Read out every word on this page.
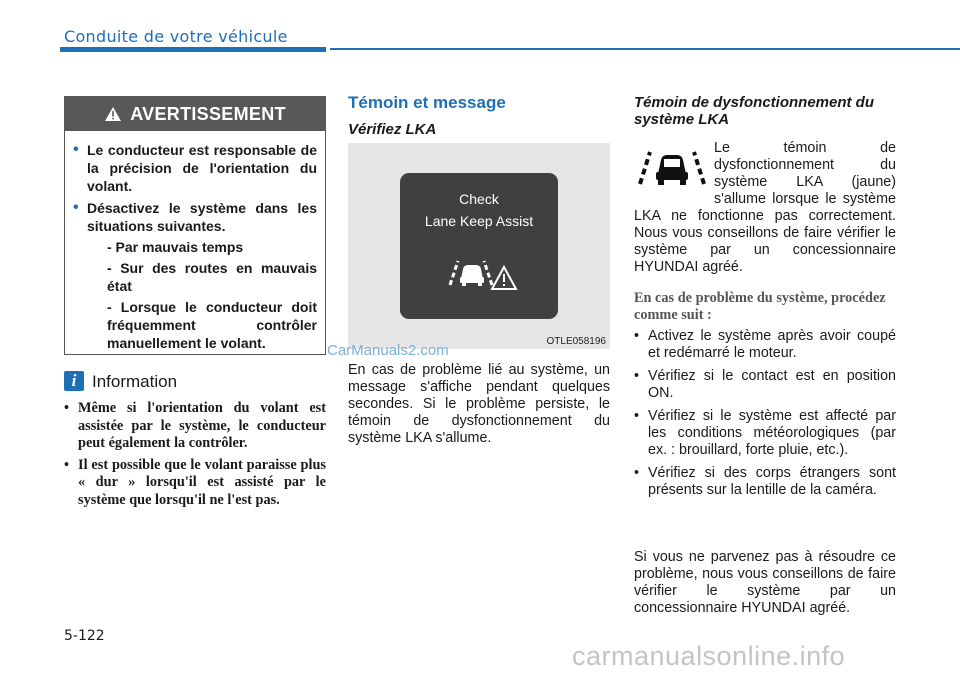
Conduite de votre véhicule
AVERTISSEMENT
• Le conducteur est responsable de la précision de l'orientation du volant.
• Désactivez le système dans les situations suivantes.
- Par mauvais temps
- Sur des routes en mauvais état
- Lorsque le conducteur doit fréquemment contrôler manuellement le volant.
i Information
• Même si l'orientation du volant est assistée par le système, le conducteur peut également la contrôler.
• Il est possible que le volant paraisse plus « dur » lorsqu'il est assisté par le système que lorsqu'il ne l'est pas.
Témoin et message
Vérifiez LKA
Check
Lane Keep Assist
OTLE058196
CarManuals2.com
En cas de problème lié au système, un message s'affiche pendant quelques secondes. Si le problème persiste, le témoin de dysfonctionnement du système LKA s'allume.
Témoin de dysfonctionnement du système LKA
Le témoin de dysfonctionnement du système LKA (jaune) s'allume lorsque le système LKA ne fonctionne pas correctement. Nous vous conseillons de faire vérifier le système par un concessionnaire HYUNDAI agréé.
En cas de problème du système, procédez comme suit :
• Activez le système après avoir coupé et redémarré le moteur.
• Vérifiez si le contact est en position ON.
• Vérifiez si le système est affecté par les conditions météorologiques (par ex. : brouillard, forte pluie, etc.).
• Vérifiez si des corps étrangers sont présents sur la lentille de la caméra.
Si vous ne parvenez pas à résoudre ce problème, nous vous conseillons de faire vérifier le système par un concessionnaire HYUNDAI agréé.
5-122
carmanualsonline.info
